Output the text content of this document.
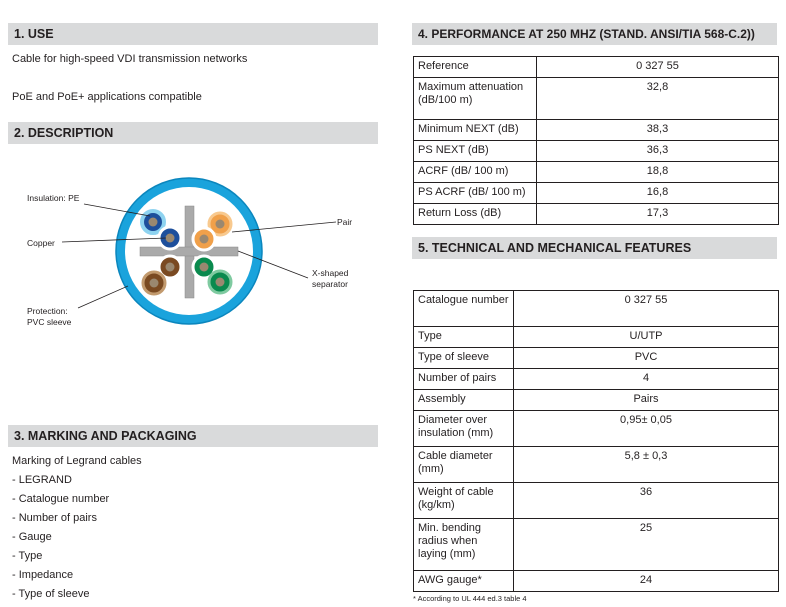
1. USE
Cable for high-speed VDI transmission networks
PoE and PoE+ applications compatible
2. DESCRIPTION
Insulation: PE
Copper
Pair
X-shaped
separator
Protection:
PVC sleeve
3. MARKING AND PACKAGING
Marking of Legrand cables
- LEGRAND
- Catalogue number
- Number of pairs
- Gauge
- Type
- Impedance
- Type of sleeve
4. PERFORMANCE AT 250 MHZ (STAND. ANSI/TIA 568-C.2))
Reference	0 327 55
Maximum attenuation (dB/100 m)	32,8
Minimum NEXT (dB)	38,3
PS NEXT (dB)	36,3
ACRF (dB/ 100 m)	18,8
PS ACRF (dB/ 100 m)	16,8
Return Loss (dB)	17,3
5. TECHNICAL AND MECHANICAL FEATURES
Catalogue number	0 327 55
Type	U/UTP
Type of sleeve	PVC
Number of pairs	4
Assembly	Pairs
Diameter over insulation (mm)	0,95± 0,05
Cable diameter (mm)	5,8 ± 0,3
Weight of cable (kg/km)	36
Min. bending radius when laying (mm)	25
AWG gauge*	24
* According to UL 444 ed.3 table 4
